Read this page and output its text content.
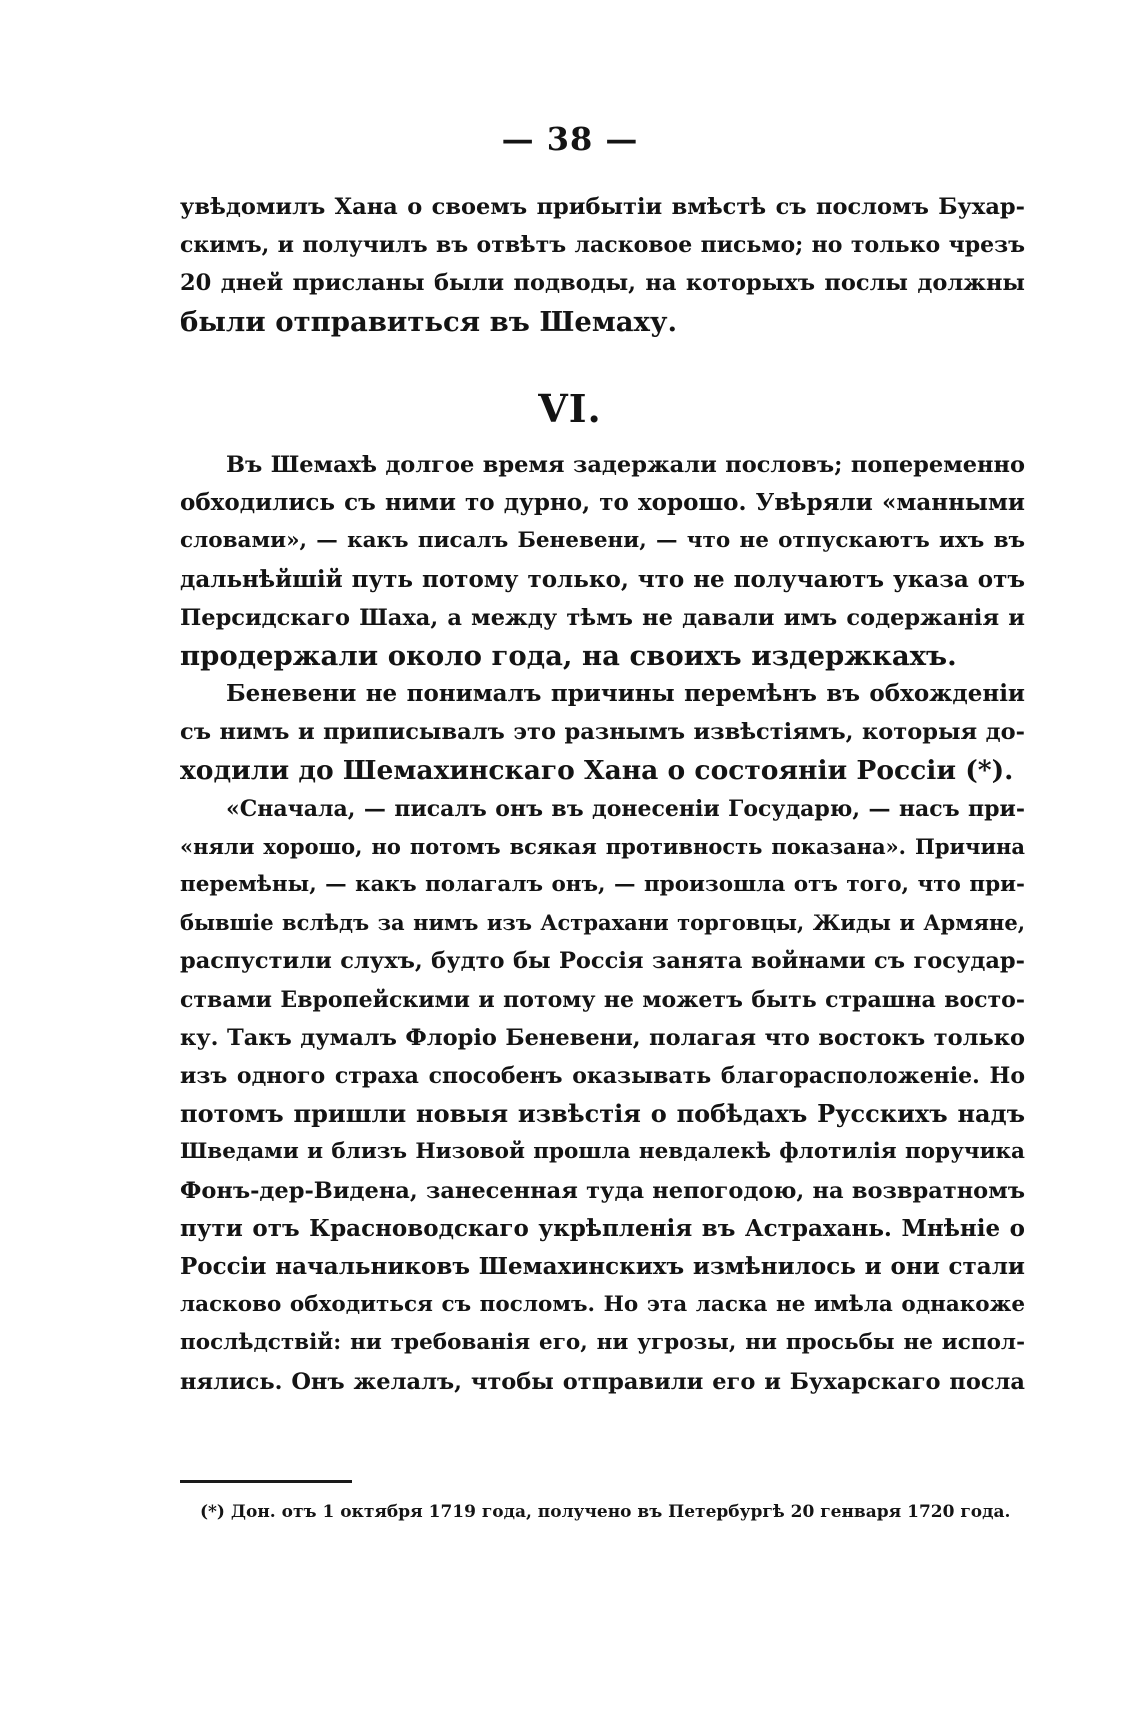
— 38 —
увѣдомилъ Хана о своемъ прибытіи вмѣстѣ съ посломъ Бухар-
скимъ, и получилъ въ отвѣтъ ласковое письмо; но только чрезъ
20 дней присланы были подводы, на которыхъ послы должны
были отправиться въ Шемаху.
VI.
Въ Шемахѣ долгое время задержали пословъ; попеременно
обходились съ ними то дурно, то хорошо. Увѣряли «манными
словами», — какъ писалъ Беневени, — что не отпускаютъ ихъ въ
дальнѣйшій путь потому только, что не получаютъ указа отъ
Персидскаго Шаха, а между тѣмъ не давали имъ содержанія и
продержали около года, на своихъ издержкахъ.
Беневени не понималъ причины перемѣнъ въ обхожденіи
съ нимъ и приписывалъ это разнымъ извѣстіямъ, которыя до-
ходили до Шемахинскаго Хана о состояніи Россіи (*).
«Сначала, — писалъ онъ въ донесеніи Государю, — насъ при-
«няли хорошо, но потомъ всякая противность показана». Причина
перемѣны, — какъ полагалъ онъ, — произошла отъ того, что при-
бывшіе вслѣдъ за нимъ изъ Астрахани торговцы, Жиды и Армяне,
распустили слухъ, будто бы Россія занята войнами съ государ-
ствами Европейскими и потому не можетъ быть страшна восто-
ку. Такъ думалъ Флоріо Беневени, полагая что востокъ только
изъ одного страха способенъ оказывать благорасположеніе. Но
потомъ пришли новыя извѣстія о побѣдахъ Русскихъ надъ
Шведами и близъ Низовой прошла невдалекѣ флотилія поручика
Фонъ-дер-Видена, занесенная туда непогодою, на возвратномъ
пути отъ Красноводскаго укрѣпленія въ Астрахань. Мнѣніе о
Россіи начальниковъ Шемахинскихъ измѣнилось и они стали
ласково обходиться съ посломъ. Но эта ласка не имѣла однакоже
послѣдствій: ни требованія его, ни угрозы, ни просьбы не испол-
нялись. Онъ желалъ, чтобы отправили его и Бухарскаго посла
(*) Дон. отъ 1 октября 1719 года, получено въ Петербургѣ 20 генваря 1720 года.
